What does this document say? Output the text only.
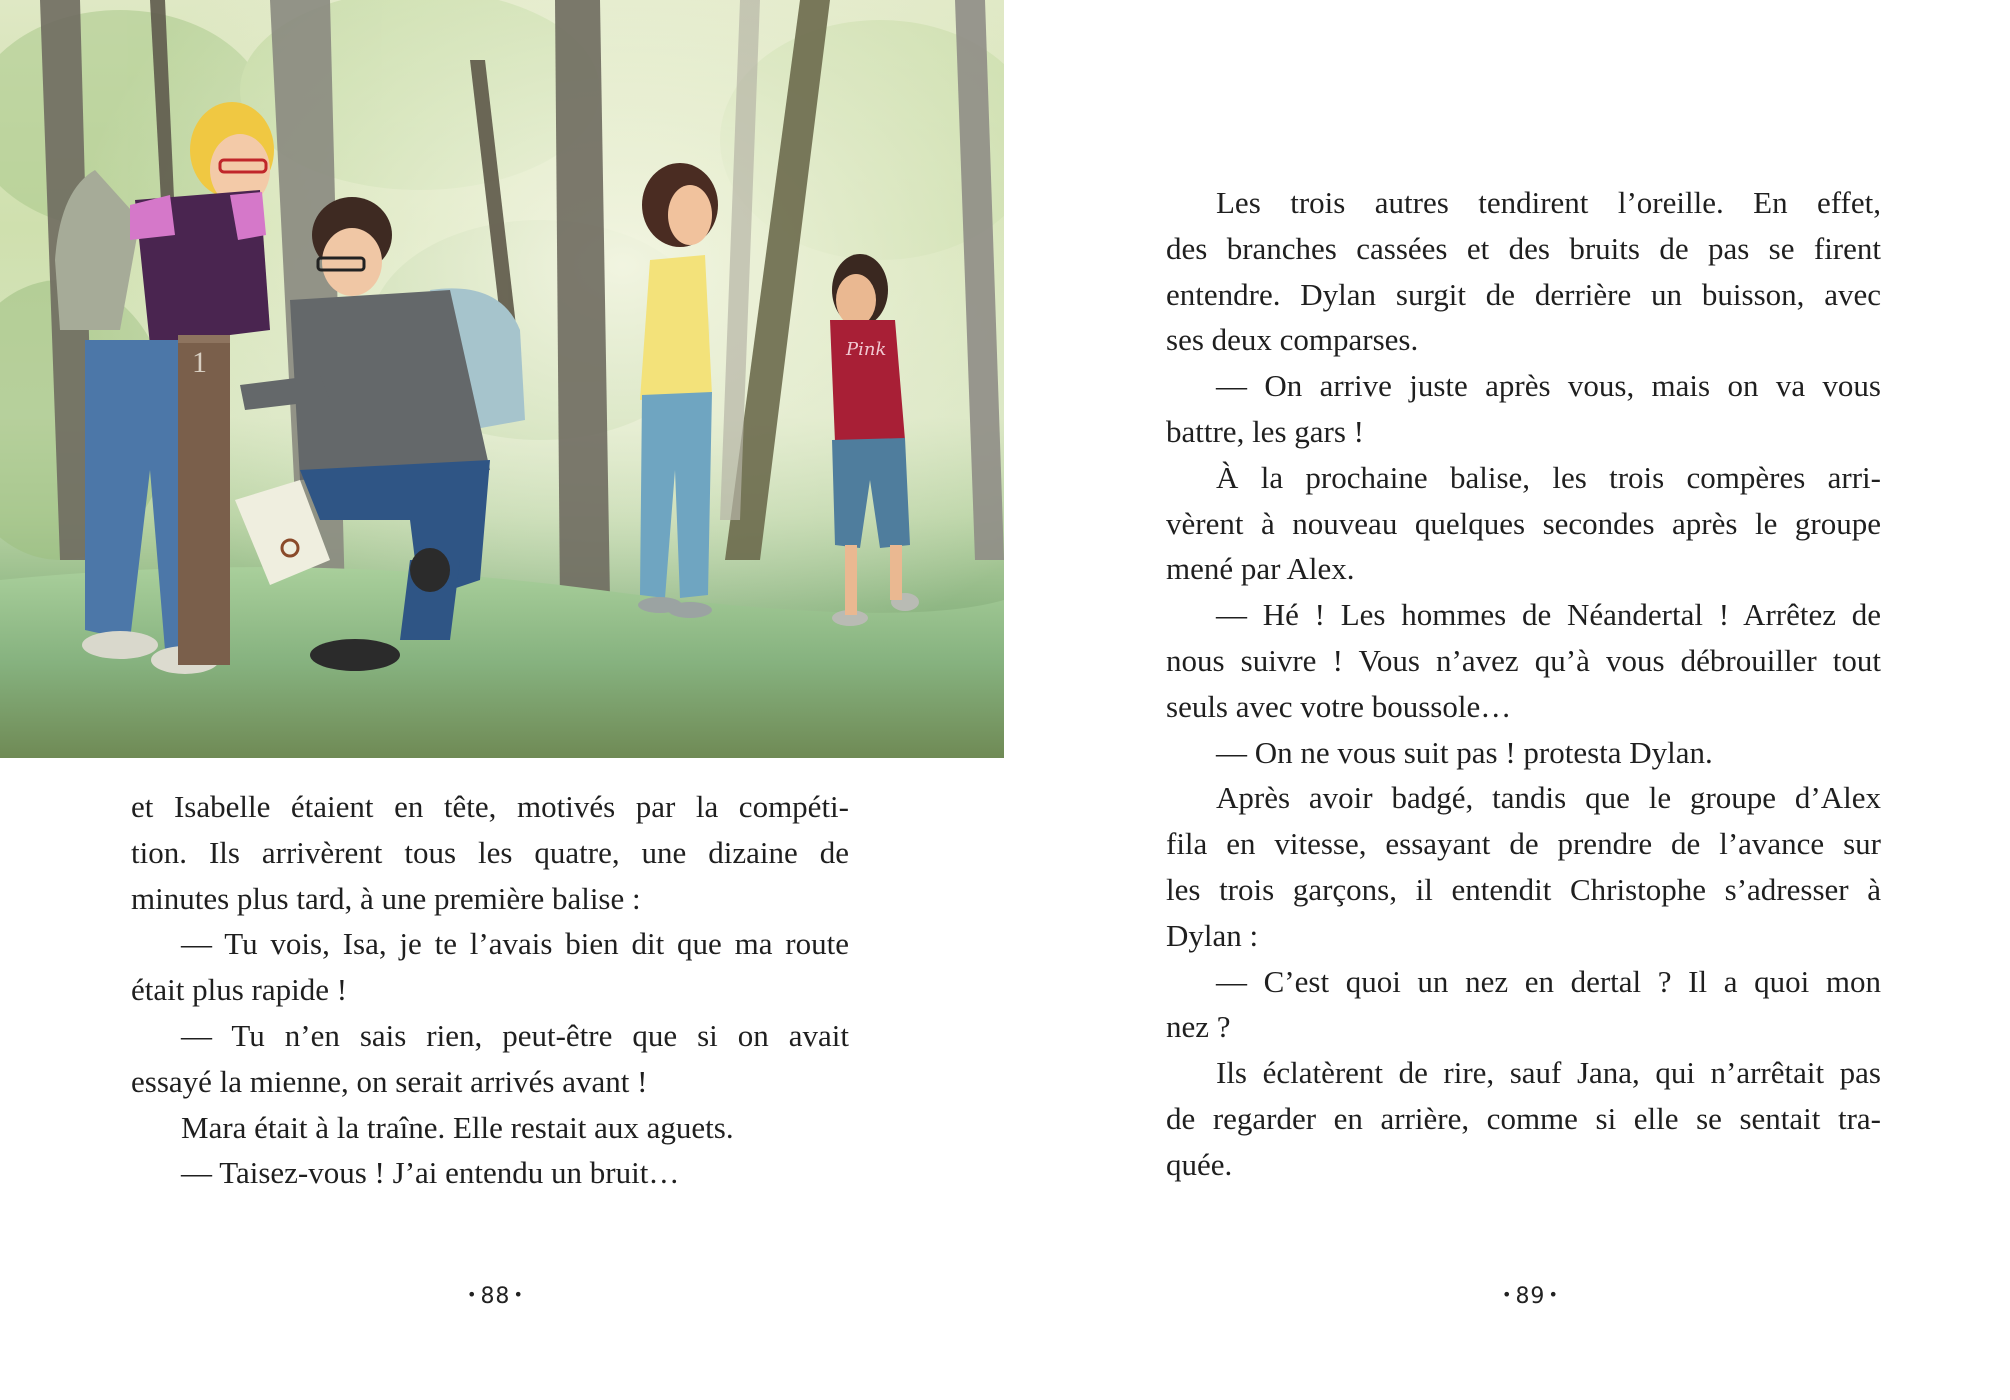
1	Pink
et Isabelle étaient en tête, motivés par la compéti-
tion. Ils arrivèrent tous les quatre, une dizaine de
minutes plus tard, à une première balise :
— Tu vois, Isa, je te l’avais bien dit que ma route
était plus rapide !
— Tu n’en sais rien, peut-être que si on avait
essayé la mienne, on serait arrivés avant !
Mara était à la traîne. Elle restait aux aguets.
— Taisez-vous ! J’ai entendu un bruit…
• 88 •
Les trois autres tendirent l’oreille. En effet,
des branches cassées et des bruits de pas se firent
entendre. Dylan surgit de derrière un buisson, avec
ses deux comparses.
— On arrive juste après vous, mais on va vous
battre, les gars !
À la prochaine balise, les trois compères arri-
vèrent à nouveau quelques secondes après le groupe
mené par Alex.
— Hé ! Les hommes de Néandertal ! Arrêtez de
nous suivre ! Vous n’avez qu’à vous débrouiller tout
seuls avec votre boussole…
— On ne vous suit pas ! protesta Dylan.
Après avoir badgé, tandis que le groupe d’Alex
fila en vitesse, essayant de prendre de l’avance sur
les trois garçons, il entendit Christophe s’adresser à
Dylan :
— C’est quoi un nez en dertal ? Il a quoi mon
nez ?
Ils éclatèrent de rire, sauf Jana, qui n’arrêtait pas
de regarder en arrière, comme si elle se sentait tra-
quée.
• 89 •
